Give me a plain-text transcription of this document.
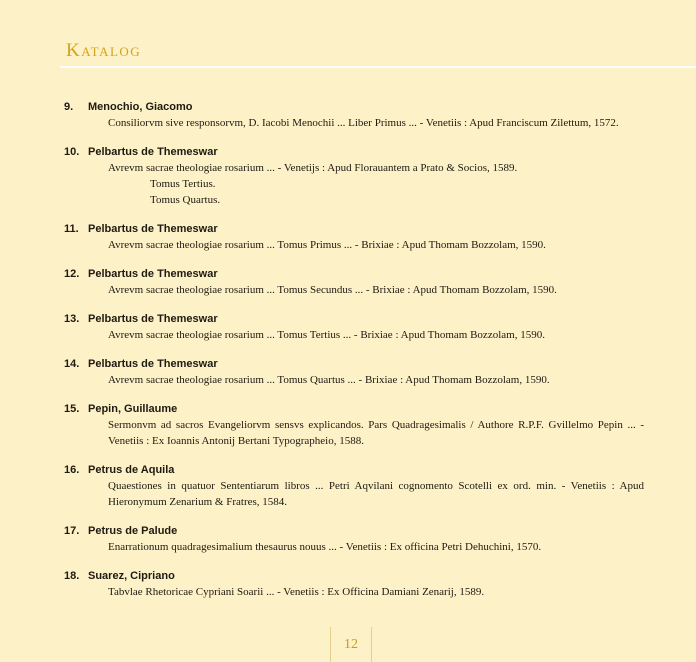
Katalog
9. Menochio, Giacomo
Consiliorvm sive responsorvm, D. Iacobi Menochii ... Liber Primus ... - Venetiis : Apud Franciscum Zilettum, 1572.
10. Pelbartus de Themeswar
Avrevm sacrae theologiae rosarium ... - Venetijs : Apud Florauantem a Prato & Socios, 1589.
Tomus Tertius.
Tomus Quartus.
11. Pelbartus de Themeswar
Avrevm sacrae theologiae rosarium ... Tomus Primus ... - Brixiae : Apud Thomam Bozzolam, 1590.
12. Pelbartus de Themeswar
Avrevm sacrae theologiae rosarium ... Tomus Secundus ... - Brixiae : Apud Thomam Bozzolam, 1590.
13. Pelbartus de Themeswar
Avrevm sacrae theologiae rosarium ... Tomus Tertius ... - Brixiae : Apud Thomam Bozzolam, 1590.
14. Pelbartus de Themeswar
Avrevm sacrae theologiae rosarium ... Tomus Quartus ... - Brixiae : Apud Thomam Bozzolam, 1590.
15. Pepin, Guillaume
Sermonvm ad sacros Evangeliorvm sensvs explicandos. Pars Quadragesimalis / Authore R.P.F. Gvillelmo Pepin ... - Venetiis : Ex Ioannis Antonij Bertani Typographeio, 1588.
16. Petrus de Aquila
Quaestiones in quatuor Sententiarum libros ... Petri Aqvilani cognomento Scotelli ex ord. min. - Venetiis : Apud Hieronymum Zenarium & Fratres, 1584.
17. Petrus de Palude
Enarrationum quadragesimalium thesaurus nouus ... - Venetiis : Ex officina Petri Dehuchini, 1570.
18. Suarez, Cipriano
Tabvlae Rhetoricae Cypriani Soarii ... - Venetiis : Ex Officina Damiani Zenarij, 1589.
12
